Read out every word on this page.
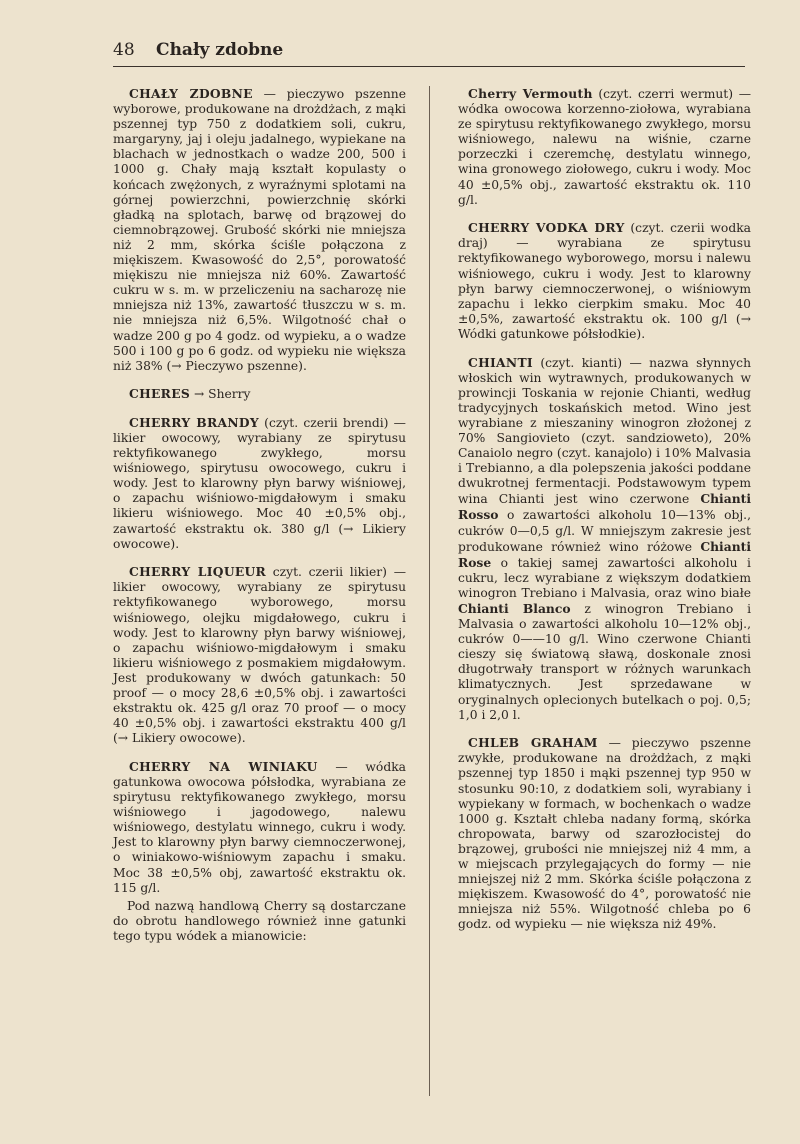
48 Chały zdobne

CHAŁY ZDOBNE — pieczywo pszenne wyborowe, produkowane na drożdżach, z mąki pszennej typ 750 z dodatkiem soli, cukru, margaryny, jaj i oleju jadalnego, wypiekane na blachach w jednostkach o wadze 200, 500 i 1000 g. Chały mają kształt kopulasty o końcach zwężonych, z wyraźnymi splotami na górnej powierzchni, powierzchnię skórki gładką na splotach, barwę od brązowej do ciemnobrązowej. Grubość skórki nie mniejsza niż 2 mm, skórka ściśle połączona z miękiszem. Kwasowość do 2,5°, porowatość miękiszu nie mniejsza niż 60%. Zawartość cukru w s. m. w przeliczeniu na sacharozę nie mniejsza niż 13%, zawartość tłuszczu w s. m. nie mniejsza niż 6,5%. Wilgotność chał o wadze 200 g po 4 godz. od wypieku, a o wadze 500 i 100 g po 6 godz. od wypieku nie większa niż 38% (→ Pieczywo pszenne).

CHERES → Sherry

CHERRY BRANDY (czyt. czerii brendi) — likier owocowy, wyrabiany ze spirytusu rektyfikowanego zwykłego, morsu wiśniowego, spirytusu owocowego, cukru i wody. Jest to klarowny płyn barwy wiśniowej, o zapachu wiśniowo-migdałowym i smaku likieru wiśniowego. Moc 40 ±0,5% obj., zawartość ekstraktu ok. 380 g/l (→ Likiery owocowe).

CHERRY LIQUEUR czyt. czerii likier) — likier owocowy, wyrabiany ze spirytusu rektyfikowanego wyborowego, morsu wiśniowego, olejku migdałowego, cukru i wody. Jest to klarowny płyn barwy wiśniowej, o zapachu wiśniowo-migdałowym i smaku likieru wiśniowego z posmakiem migdałowym. Jest produkowany w dwóch gatunkach: 50 proof — o mocy 28,6 ±0,5% obj. i zawartości ekstraktu ok. 425 g/l oraz 70 proof — o mocy 40 ±0,5% obj. i zawartości ekstraktu 400 g/l (→ Likiery owocowe).

CHERRY NA WINIAKU — wódka gatunkowa owocowa półsłodka, wyrabiana ze spirytusu rektyfikowanego zwykłego, morsu wiśniowego i jagodowego, nalewu wiśniowego, destylatu winnego, cukru i wody. Jest to klarowny płyn barwy ciemnoczerwonej, o winiakowo-wiśniowym zapachu i smaku. Moc 38 ±0,5% obj, zawartość ekstraktu ok. 115 g/l.

Pod nazwą handlową Cherry są dostarczane do obrotu handlowego również inne gatunki tego typu wódek a mianowicie:

Cherry Vermouth (czyt. czerri wermut) — wódka owocowa korzenno-ziołowa, wyrabiana ze spirytusu rektyfikowanego zwykłego, morsu wiśniowego, nalewu na wiśnie, czarne porzeczki i czeremchę, destylatu winnego, wina gronowego ziołowego, cukru i wody. Moc 40 ±0,5% obj., zawartość ekstraktu ok. 110 g/l.

CHERRY VODKA DRY (czyt. czerii wodka draj) — wyrabiana ze spirytusu rektyfikowanego wyborowego, morsu i nalewu wiśniowego, cukru i wody. Jest to klarowny płyn barwy ciemnoczerwonej, o wiśniowym zapachu i lekko cierpkim smaku. Moc 40 ±0,5%, zawartość ekstraktu ok. 100 g/l (→ Wódki gatunkowe półsłodkie).

CHIANTI (czyt. kianti) — nazwa słynnych włoskich win wytrawnych, produkowanych w prowincji Toskania w rejonie Chianti, według tradycyjnych toskańskich metod. Wino jest wyrabiane z mieszaniny winogron złożonej z 70% Sangiovieto (czyt. sandzioweto), 20% Canaiolo negro (czyt. kanajolo) i 10% Malvasia i Trebianno, a dla polepszenia jakości poddane dwukrotnej fermentacji. Podstawowym typem wina Chianti jest wino czerwone Chianti Rosso o zawartości alkoholu 10—13% obj., cukrów 0—0,5 g/l. W mniejszym zakresie jest produkowane również wino różowe Chianti Rose o takiej samej zawartości alkoholu i cukru, lecz wyrabiane z większym dodatkiem winogron Trebiano i Malvasia, oraz wino białe Chianti Blanco z winogron Trebiano i Malvasia o zawartości alkoholu 10—12% obj., cukrów 0——10 g/l. Wino czerwone Chianti cieszy się światową sławą, doskonale znosi długotrwały transport w różnych warunkach klimatycznych. Jest sprzedawane w oryginalnych oplecionych butelkach o poj. 0,5; 1,0 i 2,0 l.

CHLEB GRAHAM — pieczywo pszenne zwykłe, produkowane na drożdżach, z mąki pszennej typ 1850 i mąki pszennej typ 950 w stosunku 90:10, z dodatkiem soli, wyrabiany i wypiekany w formach, w bochenkach o wadze 1000 g. Kształt chleba nadany formą, skórka chropowata, barwy od szarozłocistej do brązowej, grubości nie mniejszej niż 4 mm, a w miejscach przylegających do formy — nie mniejszej niż 2 mm. Skórka ściśle połączona z miękiszem. Kwasowość do 4°, porowatość nie mniejsza niż 55%. Wilgotność chleba po 6 godz. od wypieku — nie większa niż 49%.
